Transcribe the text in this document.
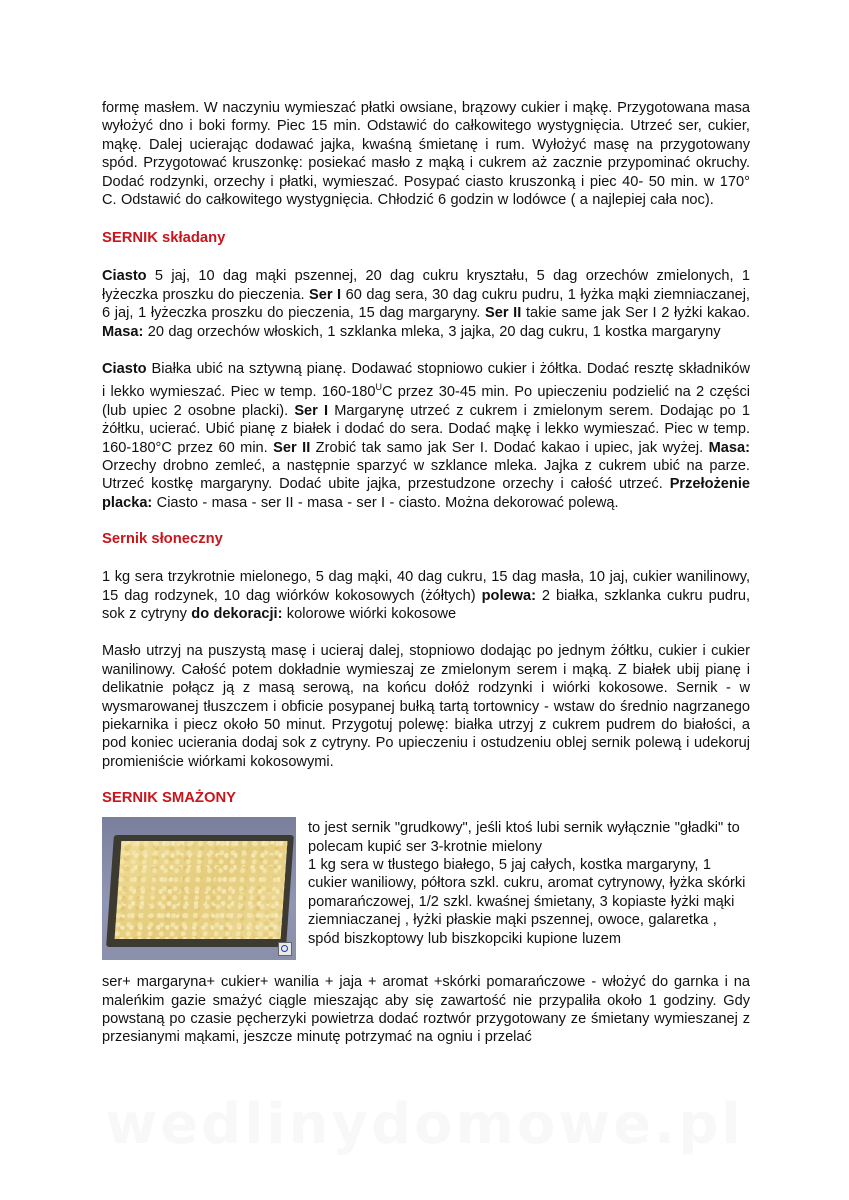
formę masłem. W naczyniu wymieszać płatki owsiane, brązowy cukier i mąkę. Przygotowana masa wyłożyć dno i boki formy. Piec 15 min. Odstawić do całkowitego wystygnięcia. Utrzeć ser, cukier, mąkę. Dalej ucierając dodawać jajka, kwaśną śmietanę i rum. Wyłożyć masę na przygotowany spód. Przygotować kruszonkę: posiekać masło z mąką i cukrem aż zacznie przypominać okruchy. Dodać rodzynki, orzechy i płatki, wymieszać. Posypać ciasto kruszonką i piec 40- 50 min. w 170° C. Odstawić do całkowitego wystygnięcia. Chłodzić 6 godzin w lodówce ( a najlepiej cała noc).

SERNIK składany

Ciasto 5 jaj, 10 dag mąki pszennej, 20 dag cukru kryształu, 5 dag orzechów zmielonych, 1 łyżeczka proszku do pieczenia. Ser I 60 dag sera, 30 dag cukru pudru, 1 łyżka mąki ziemniaczanej, 6 jaj, 1 łyżeczka proszku do pieczenia, 15 dag margaryny. Ser II takie same jak Ser I 2 łyżki kakao. Masa: 20 dag orzechów włoskich, 1 szklanka mleka, 3 jajka, 20 dag cukru, 1 kostka margaryny

Ciasto Białka ubić na sztywną pianę. Dodawać stopniowo cukier i żółtka. Dodać resztę składników i lekko wymieszać. Piec w temp. $160-180^UC$ przez 30-45 min. Po upieczeniu podzielić na 2 części (lub upiec 2 osobne placki). Ser I Margarynę utrzeć z cukrem i zmielonym serem. Dodając po 1 żółtku, ucierać. Ubić pianę z białek i dodać do sera. Dodać mąkę i lekko wymieszać. Piec w temp. 160-180°C przez 60 min. Ser II Zrobić tak samo jak Ser I. Dodać kakao i upiec, jak wyżej. Masa: Orzechy drobno zemleć, a następnie sparzyć w szklance mleka. Jajka z cukrem ubić na parze. Utrzeć kostkę margaryny. Dodać ubite jajka, przestudzone orzechy i całość utrzeć. Przełożenie placka: Ciasto - masa - ser II - masa - ser I - ciasto. Można dekorować polewą.

Sernik słoneczny

1 kg sera trzykrotnie mielonego, 5 dag mąki, 40 dag cukru, 15 dag masła, 10 jaj, cukier wanilinowy, 15 dag rodzynek, 10 dag wiórków kokosowych (żółtych) polewa: 2 białka, szklanka cukru pudru, sok z cytryny do dekoracji: kolorowe wiórki kokosowe

Masło utrzyj na puszystą masę i ucieraj dalej, stopniowo dodając po jednym żółtku, cukier i cukier wanilinowy. Całość potem dokładnie wymieszaj ze zmielonym serem i mąką. Z białek ubij pianę i delikatnie połącz ją z masą serową, na końcu dołóż rodzynki i wiórki kokosowe. Sernik - w wysmarowanej tłuszczem i obficie posypanej bułką tartą tortownicy - wstaw do średnio nagrzanego piekarnika i piecz około 50 minut. Przygotuj polewę: białka utrzyj z cukrem pudrem do białości, a pod koniec ucierania dodaj sok z cytryny. Po upieczeniu i ostudzeniu oblej sernik polewą i udekoruj promieniście wiórkami kokosowymi.

SERNIK SMAŻONY

to jest sernik "grudkowy", jeśli ktoś lubi sernik wyłącznie "gładki" to polecam kupić ser 3-krotnie mielony

1 kg sera w tłustego białego, 5 jaj całych, kostka margaryny, 1 cukier waniliowy, półtora szkl. cukru, aromat cytrynowy, łyżka skórki pomarańczowej, 1/2 szkl. kwaśnej śmietany, 3 kopiaste łyżki mąki ziemniaczanej , łyżki płaskie mąki pszennej, owoce, galaretka , spód biszkoptowy lub biszkopciki kupione luzem

ser+ margaryna+ cukier+ wanilia + jaja + aromat +skórki pomarańczowe - włożyć do garnka i na maleńkim gazie smażyć ciągle mieszając aby się zawartość nie przypaliła około 1 godziny. Gdy powstaną po czasie pęcherzyki powietrza dodać roztwór przygotowany ze śmietany wymieszanej z przesianymi mąkami, jeszcze minutę potrzymać na ogniu i przelać

wedlinydomowe.pl
